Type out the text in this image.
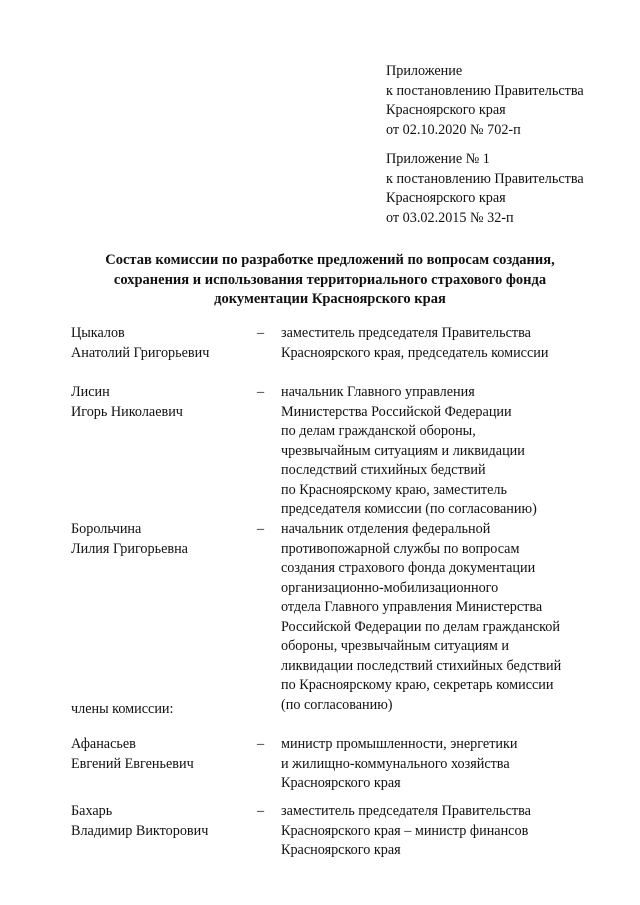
Приложение
к постановлению Правительства
Красноярского края
от 02.10.2020 № 702-п
Приложение № 1
к постановлению Правительства
Красноярского края
от 03.02.2015 № 32-п
Состав комиссии по разработке предложений по вопросам создания,
сохранения и использования территориального страхового фонда
документации Красноярского края
Цыкалов
Анатолий Григорьевич
– заместитель председателя Правительства
Красноярского края, председатель комиссии
Лисин
Игорь Николаевич
– начальник Главного управления
Министерства Российской Федерации
по делам гражданской обороны,
чрезвычайным ситуациям и ликвидации
последствий стихийных бедствий
по Красноярскому краю, заместитель
председателя комиссии (по согласованию)
Борольчина
Лилия Григорьевна
– начальник отделения федеральной
противопожарной службы по вопросам
создания страхового фонда документации
организационно-мобилизационного
отдела Главного управления Министерства
Российской Федерации по делам гражданской
обороны, чрезвычайным ситуациям и
ликвидации последствий стихийных бедствий
по Красноярскому краю, секретарь комиссии
(по согласованию)
члены комиссии:
Афанасьев
Евгений Евгеньевич
– министр промышленности, энергетики
и жилищно-коммунального хозяйства
Красноярского края
Бахарь
Владимир Викторович
– заместитель председателя Правительства
Красноярского края – министр финансов
Красноярского края
